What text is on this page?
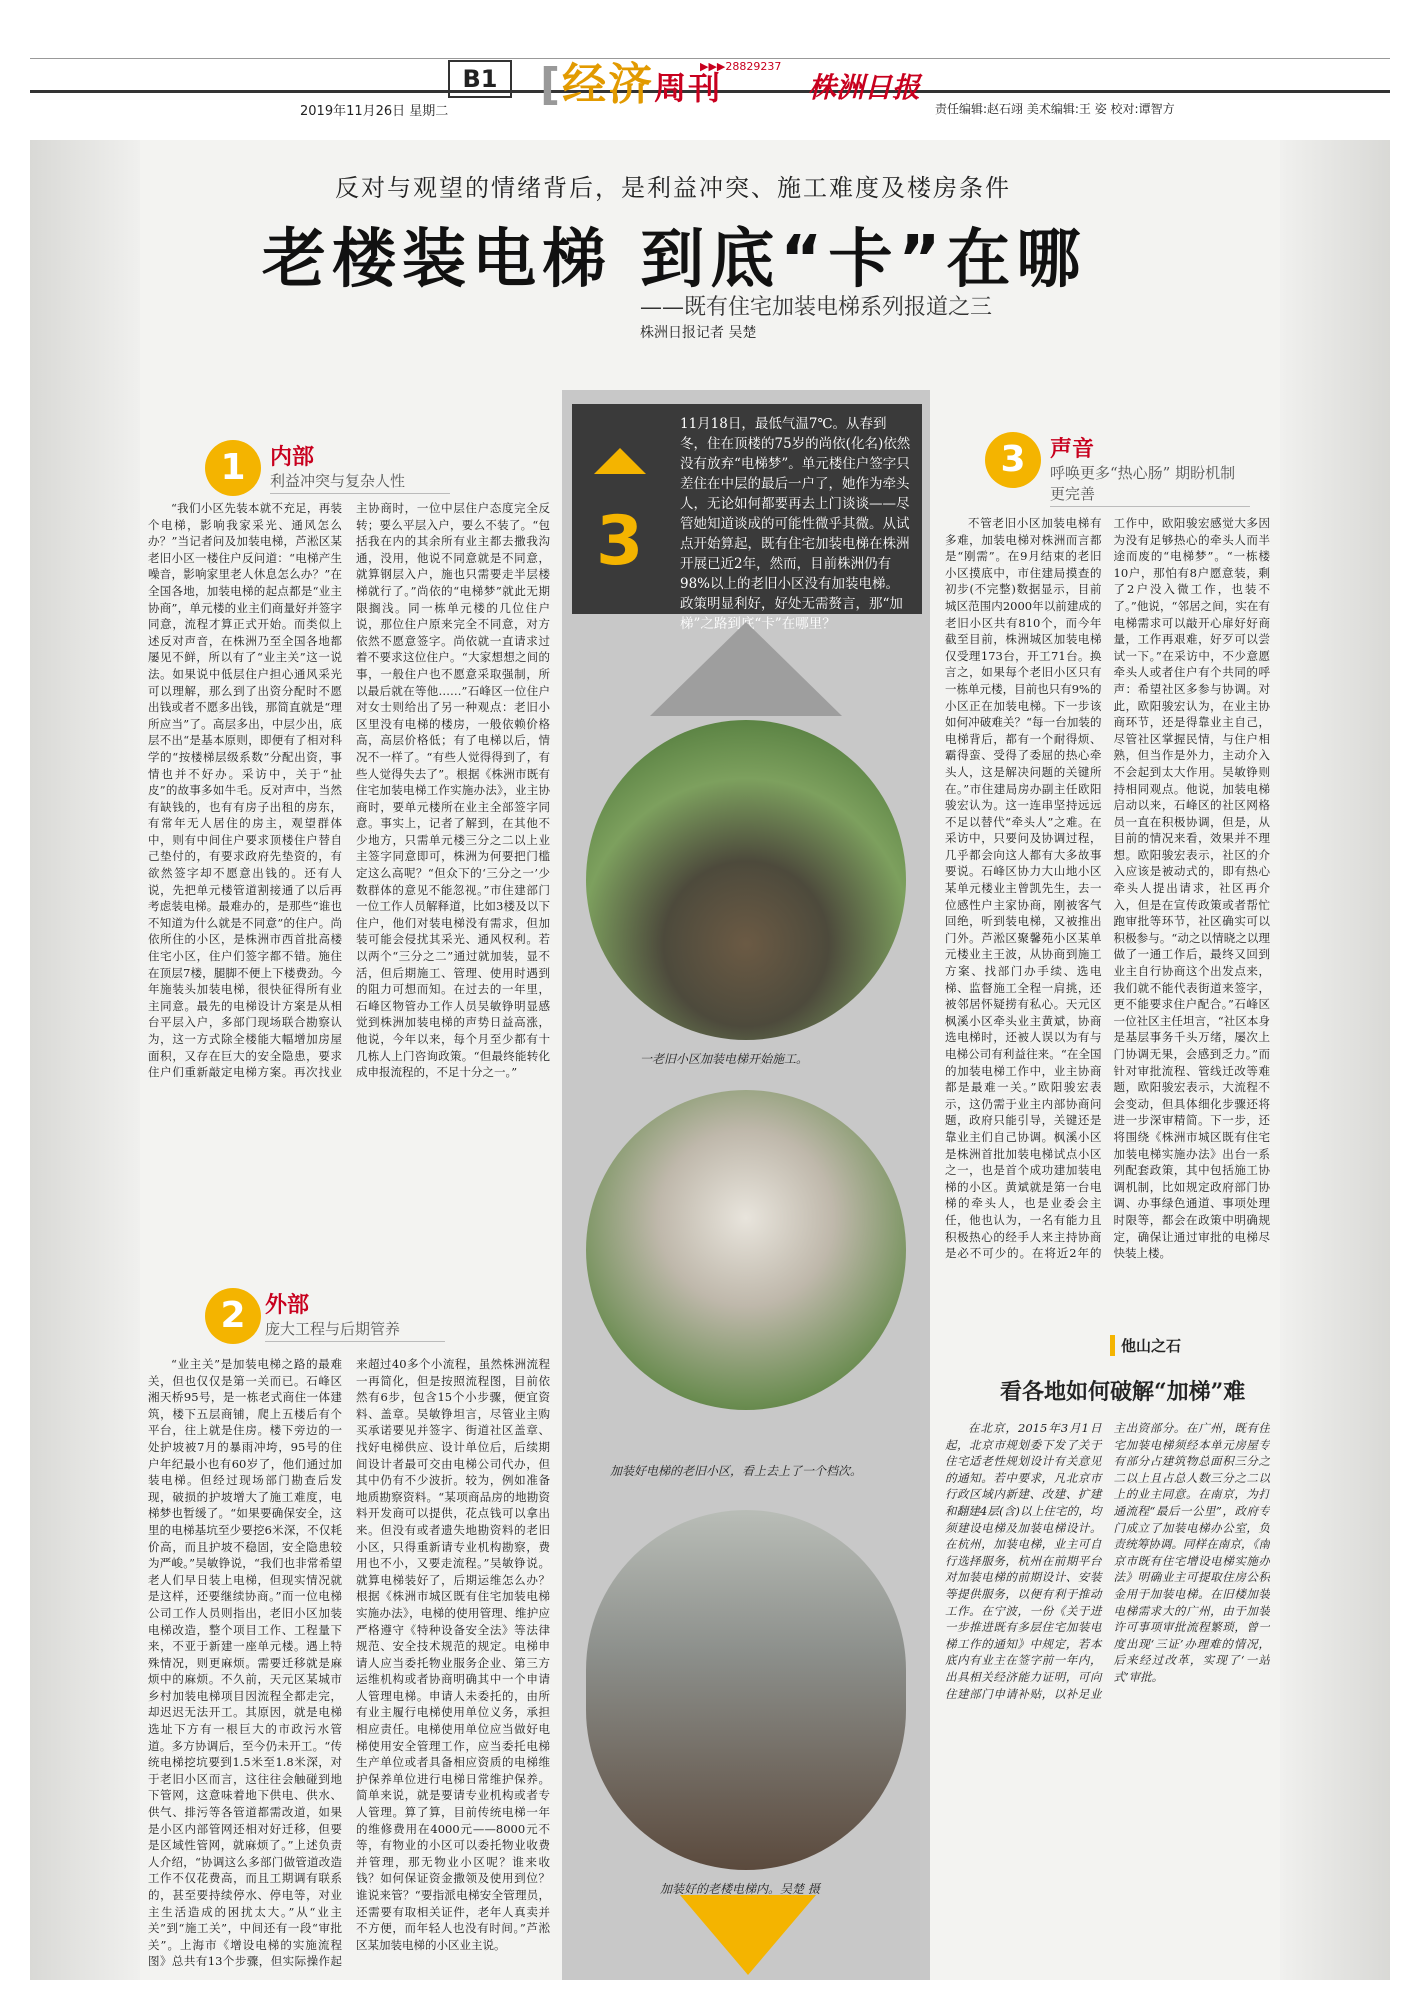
2019年11月26日 星期二
B1 [经济周刊
▶▶▶28829237
株洲日报
责任编辑:赵石翊 美术编辑:王 姿 校对:谭智方
反对与观望的情绪背后，是利益冲突、施工难度及楼房条件
老楼装电梯 到底“卡”在哪
——既有住宅加装电梯系列报道之三
株洲日报记者 吴楚
3
11月18日，最低气温7℃。从春到冬，住在顶楼的75岁的尚依(化名)依然没有放弃“电梯梦”。单元楼住户签字只差住在中层的最后一户了，她作为牵头人，无论如何都要再去上门谈谈——尽管她知道谈成的可能性微乎其微。从试点开始算起，既有住宅加装电梯在株洲开展已近2年，然而，目前株洲仍有98%以上的老旧小区没有加装电梯。政策明显利好，好处无需赘言，那“加梯”之路到底“卡”在哪里？
一老旧小区加装电梯开始施工。
加装好电梯的老旧小区，看上去上了一个档次。
加装好的老楼电梯内。吴楚 摄
1	内部
利益冲突与复杂人性
“我们小区先装本就不充足，再装个电梯，影响我家采光、通风怎么办？”当记者问及加装电梯，芦淞区某老旧小区一楼住户反问道：“电梯产生噪音，影响家里老人休息怎么办？”在全国各地，加装电梯的起点都是“业主协商”，单元楼的业主们商量好并签字同意，流程才算正式开始。而类似上述反对声音，在株洲乃至全国各地都屡见不鲜，所以有了“业主关”这一说法。如果说中低层住户担心通风采光可以理解，那么到了出资分配时不愿出钱或者不愿多出钱，那简直就是“理所应当”了。高层多出，中层少出，底层不出“是基本原则，即便有了相对科学的“按楼梯层级系数”分配出资，事情也并不好办。采访中，关于“扯皮”的故事多如牛毛。反对声中，当然有缺钱的，也有有房子出租的房东，有常年无人居住的房主，观望群体中，则有中间住户要求顶楼住户替自己垫付的，有要求政府先垫资的，有欲然签字却不愿意出钱的。还有人说，先把单元楼管道割接通了以后再考虑装电梯。最难办的，是那些“谁也不知道为什么就是不同意”的住户。尚依所住的小区，是株洲市西首批高楼住宅小区，住户们签字都不错。施住在顶层7楼，腿脚不便上下楼费劲。今年施装头加装电梯，很快征得所有业主同意。最先的电梯设计方案是从相台平层入户，多部门现场联合勘察认为，这一方式除全楼能大幅增加房屋面积，又存在巨大的安全隐患，要求住户们重新敲定电梯方案。再次找业主协商时，一位中层住户态度完全反转；要么平层入户，要么不装了。“包括我在内的其余所有业主都去撒我沟通，没用，他说不同意就是不同意，就算钢层入户，施也只需要走半层楼梯就行了。”尚依的“电梯梦”就此无期限搁浅。同一栋单元楼的几位住户说，那位住户原来完全不同意，对方依然不愿意签字。尚依就一直请求过着不要求这位住户。“大家想想之间的事，一般住户也不愿意采取强制，所以最后就在等他……”石峰区一位住户对女士则给出了另一种观点：老旧小区里没有电梯的楼房，一般依赖价格高，高层价格低；有了电梯以后，情况不一样了。“有些人觉得得到了，有些人觉得失去了”。根据《株洲市既有住宅加装电梯工作实施办法》，业主协商时，要单元楼所在业主全部签字同意。事实上，记者了解到，在其他不少地方，只需单元楼三分之二以上业主签字同意即可，株洲为何要把门槛定这么高呢？“但众下的‘三分之一’少数群体的意见不能忽视。”市住建部门一位工作人员解释道，比如3楼及以下住户，他们对装电梯没有需求，但加装可能会侵扰其采光、通风权利。若以两个“三分之二”通过就加装，显不活，但后期施工、管理、使用时遇到的阻力可想而知。在过去的一年里，石峰区物管办工作人员吴敏铮明显感觉到株洲加装电梯的声势日益高涨，他说，今年以来，每个月至少都有十几栋人上门咨询政策。“但最终能转化成申报流程的，不足十分之一。”
2 外部
庞大工程与后期管养
“业主关”是加装电梯之路的最难关，但也仅仅是第一关而已。石峰区湘天桥95号，是一栋老式商住一体建筑，楼下五层商铺，爬上五楼后有个平台，往上就是住房。楼下旁边的一处护坡被7月的暴雨冲垮，95号的住户年纪最小也有60岁了，他们通过加装电梯。但经过现场部门勘查后发现，破损的护坡增大了施工难度，电梯梦也暂缓了。“如果要确保安全，这里的电梯基坑至少要挖6米深，不仅耗价高，而且护坡不稳固，安全隐患较为严峻。”吴敏铮说，“我们也非常希望老人们早日装上电梯，但现实情况就是这样，还要继续协商。”而一位电梯公司工作人员则指出，老旧小区加装电梯改造，整个项目工作、工程量下来，不亚于新建一座单元楼。遇上特殊情况，则更麻烦。需要迁移就是麻烦中的麻烦。不久前，天元区某城市乡村加装电梯项目因流程全都走完，却迟迟无法开工。其原因，就是电梯选址下方有一根巨大的市政污水管道。多方协调后，至今仍未开工。“传统电梯挖坑要到1.5米至1.8米深，对于老旧小区而言，这往往会触碰到地下管网，这意味着地下供电、供水、供气、排污等各管道都需改道，如果是小区内部管网还相对好迁移，但要是区域性管网，就麻烦了。”上述负责人介绍，“协调这么多部门做管道改造工作不仅花费高，而且工期调有联系的，甚至要持续停水、停电等，对业主生活造成的困扰太大。”从“业主关”到“施工关”，中间还有一段“审批关”。上海市《增设电梯的实施流程图》总共有13个步骤，但实际操作起来超过40多个小流程，虽然株洲流程一再简化，但是按照流程图，目前依然有6步，包含15个小步骤，便宜资料、盖章。吴敏铮坦言，尽管业主购买承诺要见并签字、街道社区盖章、找好电梯供应、设计单位后，后续期间设计者最可交由电梯公司代办，但其中仍有不少波折。较为，例如准备地质勘察资料。“某项商品房的地勘资料开发商可以提供，花点钱可以拿出来。但没有或者遗失地勘资料的老旧小区，只得重新请专业机构勘察，费用也不小，又要走流程。”吴敏铮说。就算电梯装好了，后期运维怎么办？根据《株洲市城区既有住宅加装电梯实施办法》，电梯的使用管理、维护应严格遵守《特种设备安全法》等法律规范、安全技术规范的规定。电梯申请人应当委托物业服务企业、第三方运维机构或者协商明确其中一个申请人管理电梯。申请人未委托的，由所有业主履行电梯使用单位义务，承担相应责任。电梯使用单位应当做好电梯使用安全管理工作，应当委托电梯生产单位或者具备相应资质的电梯维护保养单位进行电梯日常维护保养。简单来说，就是要请专业机构或者专人管理。算了算，目前传统电梯一年的维修费用在4000元——8000元不等，有物业的小区可以委托物业收费并管理，那无物业小区呢？谁来收钱？如何保证资金撒领及使用到位？谁说来管？“要指派电梯安全管理员，还需要有取相关证件，老年人真卖并不方便，而年轻人也没有时间。”芦淞区某加装电梯的小区业主说。
3	声音
呼唤更多“热心肠” 期盼机制更完善
不管老旧小区加装电梯有多难，加装电梯对株洲而言都是“刚需”。在9月结束的老旧小区摸底中，市住建局摸查的初步(不完整)数据显示，目前城区范围内2000年以前建成的老旧小区共有810个，而今年截至目前，株洲城区加装电梯仅受理173台，开工71台。换言之，如果每个老旧小区只有一栋单元楼，目前也只有9%的小区正在加装电梯。下一步该如何冲破难关？“每一台加装的电梯背后，都有一个耐得烦、霸得蛮、受得了委屈的热心牵头人，这是解决问题的关键所在。”市住建局房办副主任欧阳骏宏认为。这一连串坚持远远不足以替代“牵头人”之难。在采访中，只要问及协调过程，几乎都会向这人都有大多故事要说。石峰区协力大山地小区某单元楼业主曾凯先生，去一位感性户主家协商，刚被客气回绝，听到装电梯，又被推出门外。芦淞区聚馨苑小区某单元楼业主王波，从协商到施工方案、找部门办手续、选电梯、监督施工全程一肩挑，还被邻居怀疑捞有私心。天元区枫溪小区牵头业主黄斌，协商选电梯时，还被人误以为有与电梯公司有利益往来。“在全国的加装电梯工作中，业主协商都是最难一关。”欧阳骏宏表示，这仍需于业主内部协商问题，政府只能引导，关键还是靠业主们自己协调。枫溪小区是株洲首批加装电梯试点小区之一，也是首个成功建加装电梯的小区。黄斌就是第一台电梯的牵头人，也是业委会主任，他也认为，一名有能力且积极热心的经手人来主持协商是必不可少的。在将近2年的工作中，欧阳骏宏感觉大多因为没有足够热心的牵头人而半途而废的“电梯梦”。“一栋楼10户，那怕有8户愿意装，剩了2户没入微工作，也装不了。”他说，“邻居之间，实在有电梯需求可以敲开心扉好好商量，工作再艰难，好歹可以尝试一下。”在采访中，不少意愿牵头人或者住户有个共同的呼声：希望社区多参与协调。对此，欧阳骏宏认为，在业主协商环节，还是得靠业主自己，尽管社区掌握民情，与住户相熟，但当作是外力，主动介入不会起到太大作用。吴敏铮则持相同观点。他说，加装电梯启动以来，石峰区的社区网格员一直在积极协调，但是，从目前的情况来看，效果并不理想。欧阳骏宏表示，社区的介入应该是被动式的，即有热心牵头人提出请求，社区再介入，但是在宣传政策或者帮忙跑审批等环节，社区确实可以积极参与。“动之以情晓之以理做了一通工作后，最终又回到业主自行协商这个出发点来，我们就不能代表街道来签字，更不能要求住户配合。”石峰区一位社区主任坦言，“社区本身是基层事务千头万绪，屡次上门协调无果，会感到乏力。”而针对审批流程、管线迁改等难题，欧阳骏宏表示，大流程不会变动，但具体细化步骤还将进一步深审精简。下一步，还将围绕《株洲市城区既有住宅加装电梯实施办法》出台一系列配套政策，其中包括施工协调机制，比如规定政府部门协调、办事绿色通道、事项处理时限等，都会在政策中明确规定，确保让通过审批的电梯尽快装上楼。
他山之石
看各地如何破解“加梯”难
在北京，2015年3月1日起，北京市规划委下发了关于住宅适老性规划设计有关意见的通知。若中要求，凡北京市行政区域内新建、改建、扩建和翻建4层(含)以上住宅的，均须建设电梯及加装电梯设计。在杭州，加装电梯，业主可自行选择服务，杭州在前期平台对加装电梯的前期设计、安装等提供服务，以便有利于推动工作。在宁波，一份《关于进一步推进既有多层住宅加装电梯工作的通知》中规定，若本底内有业主在签字前一年内，出具相关经济能力证明，可向住建部门申请补贴，以补足业主出资部分。在广州，既有住宅加装电梯须经本单元房屋专有部分占建筑物总面积三分之二以上且占总人数三分之二以上的业主同意。在南京，为打通流程“最后一公里”，政府专门成立了加装电梯办公室，负责统筹协调。同样在南京，《南京市既有住宅增设电梯实施办法》明确业主可提取住房公积金用于加装电梯。在旧楼加装电梯需求大的广州，由于加装许可事项审批流程繁琐，曾一度出现‘三证’办理难的情况，后来经过改革，实现了‘一站式’审批。
